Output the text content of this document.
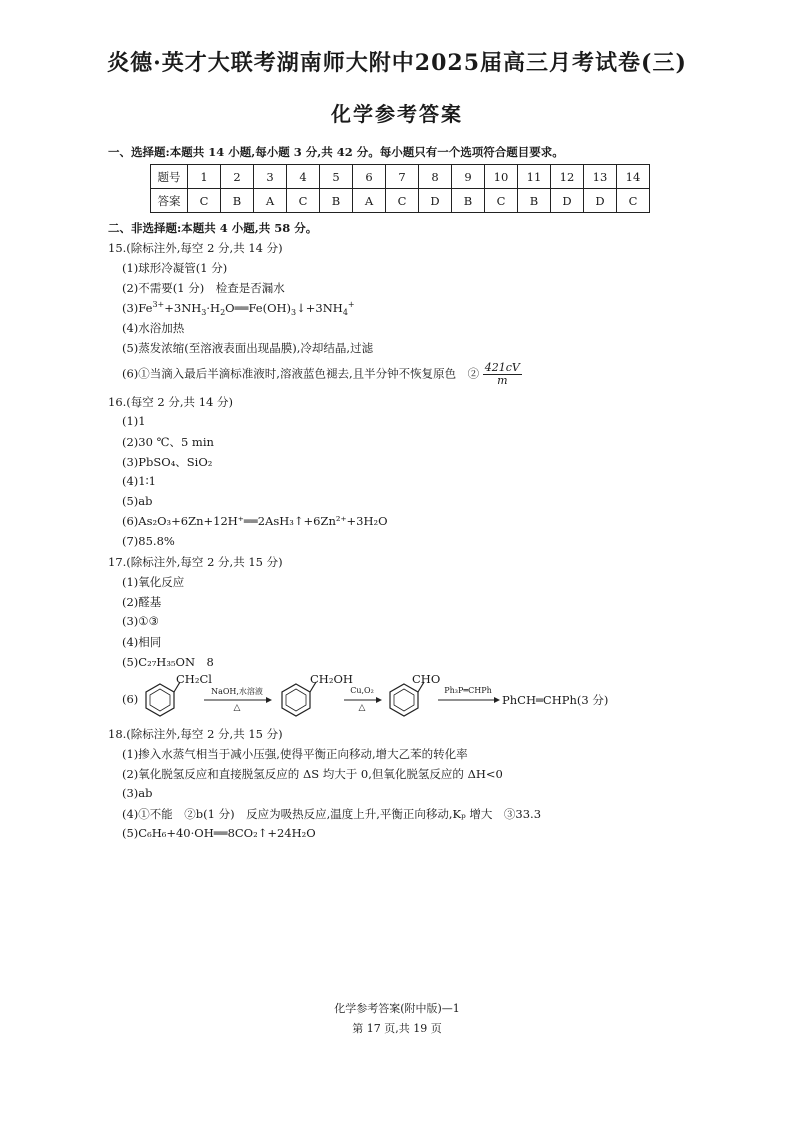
炎德·英才大联考湖南师大附中2025届高三月考试卷(三)
化学参考答案
一、选择题:本题共 14 小题,每小题 3 分,共 42 分。每小题只有一个选项符合题目要求。
题号	1	2	3	4	5	6	7	8	9	10	11	12	13	14
答案	C	B	A	C	B	A	C	D	B	C	B	D	D	C
二、非选择题:本题共 4 小题,共 58 分。
15.(除标注外,每空 2 分,共 14 分)
(1)球形冷凝管(1 分)
(2)不需要(1 分)　检查是否漏水
$(3)Fe^{3+}+3NH_3\cdot H_2O══Fe(OH)_3↓+3NH_4^+$
(4)水浴加热
(5)蒸发浓缩(至溶液表面出现晶膜),冷却结晶,过滤
(6)①当滴入最后半滴标准液时,溶液蓝色褪去,且半分钟不恢复原色　② $\frac{421cV}{m}$
16.(每空 2 分,共 14 分)
(1)1
(2)30 ℃、5 min
(3)PbSO₄、SiO₂
(4)1∶1
(5)ab
(6)As₂O₃+6Zn+12H⁺══2AsH₃↑+6Zn²⁺+3H₂O
(7)85.8%
17.(除标注外,每空 2 分,共 15 分)
(1)氧化反应
(2)醛基
(3)①③
(4)相同
(5)C₂₇H₃₅ON　8
(6)
CH₂Cl
NaOH,水溶液
△
CH₂OH
Cu,O₂
△
CHO
Ph₃P═CHPh
→ PhCH═CHPh(3 分)
18.(除标注外,每空 2 分,共 15 分)
(1)掺入水蒸气相当于减小压强,使得平衡正向移动,增大乙苯的转化率
(2)氧化脱氢反应和直接脱氢反应的 ΔS 均大于 0,但氧化脱氢反应的 ΔH<0
(3)ab
(4)①不能　②b(1 分)　反应为吸热反应,温度上升,平衡正向移动,Kₚ 增大　③33.3
(5)C₆H₆+40·OH══8CO₂↑+24H₂O
化学参考答案(附中版)—1
第 17 页,共 19 页
